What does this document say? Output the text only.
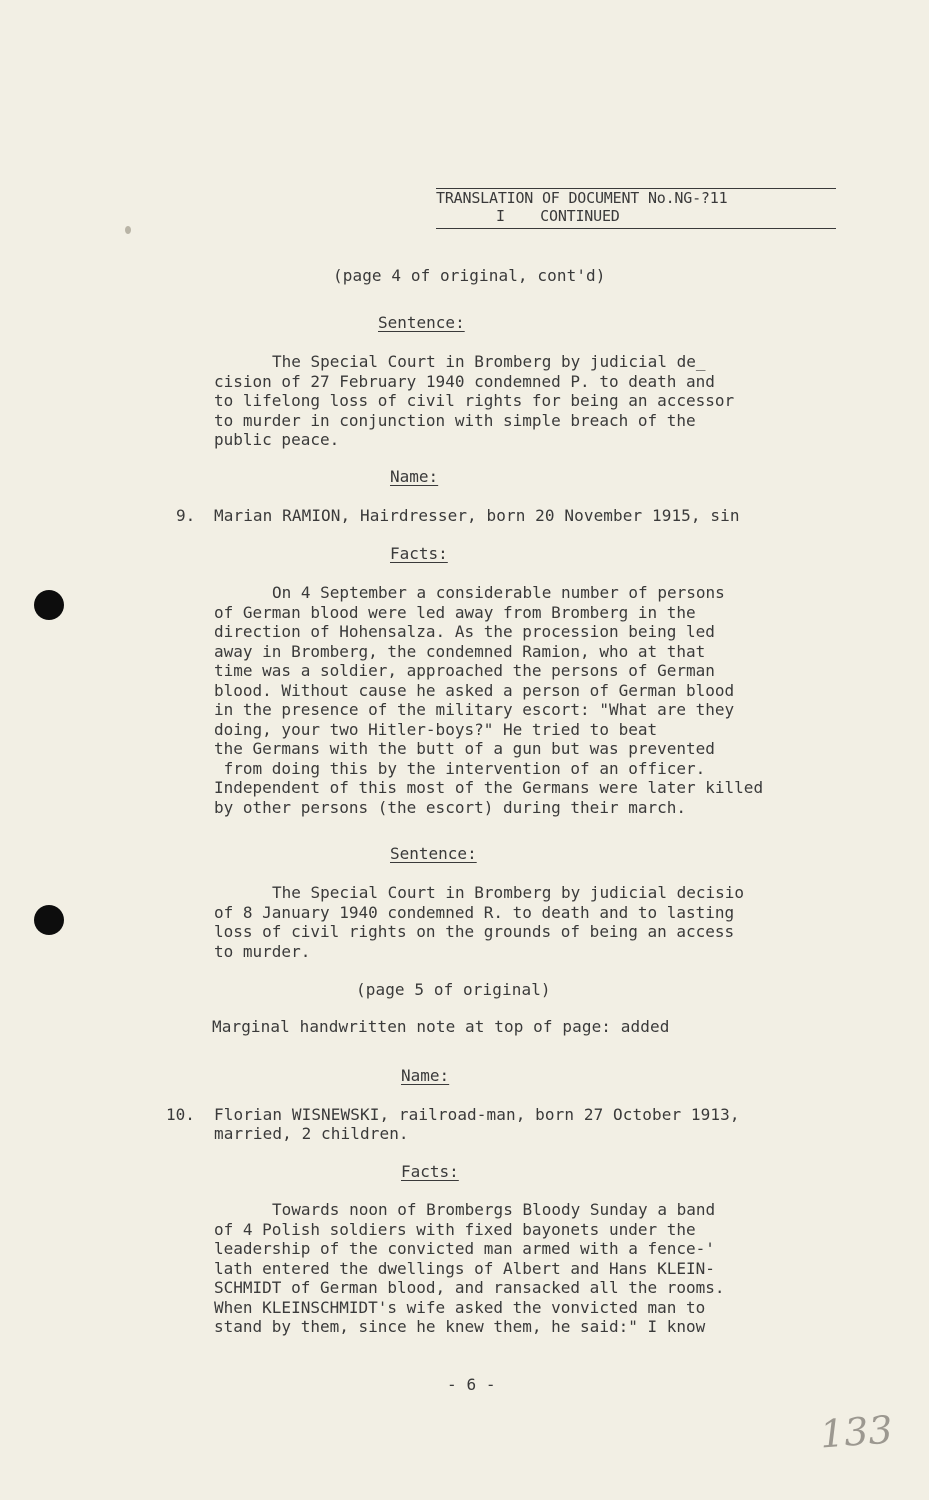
TRANSLATION OF DOCUMENT No.NG-?11
I    CONTINUED
(page 4 of original, cont'd)
Sentence:
The Special Court in Bromberg by judicial de_
cision of 27 February 1940 condemned P. to death and
to lifelong loss of civil rights for being an accessor
to murder in conjunction with simple breach of the
public peace.
Name:
9. Marian RAMION, Hairdresser, born 20 November 1915, sin
Facts:
On 4 September a considerable number of persons
of German blood were led away from Bromberg in the
direction of Hohensalza. As the procession being led
away in Bromberg, the condemned Ramion, who at that
time was a soldier, approached the persons of German
blood. Without cause he asked a person of German blood
in the presence of the military escort: "What are they
doing, your two Hitler-boys?" He tried to beat
the Germans with the butt of a gun but was prevented
from doing this by the intervention of an officer.
Independent of this most of the Germans were later killed
by other persons (the escort) during their march.
Sentence:
The Special Court in Bromberg by judicial decisio
of 8 January 1940 condemned R. to death and to lasting
loss of civil rights on the grounds of being an access
to murder.
(page 5 of original)
Marginal handwritten note at top of page: added
Name:
10. Florian WISNEWSKI, railroad-man, born 27 October 1913,
married, 2 children.
Facts:
Towards noon of Brombergs Bloody Sunday a band
of 4 Polish soldiers with fixed bayonets under the
leadership of the convicted man armed with a fence-'
lath entered the dwellings of Albert and Hans KLEIN-
SCHMIDT of German blood, and ransacked all the rooms.
When KLEINSCHMIDT's wife asked the vonvicted man to
stand by them, since he knew them, he said:" I know
- 6 -
133
